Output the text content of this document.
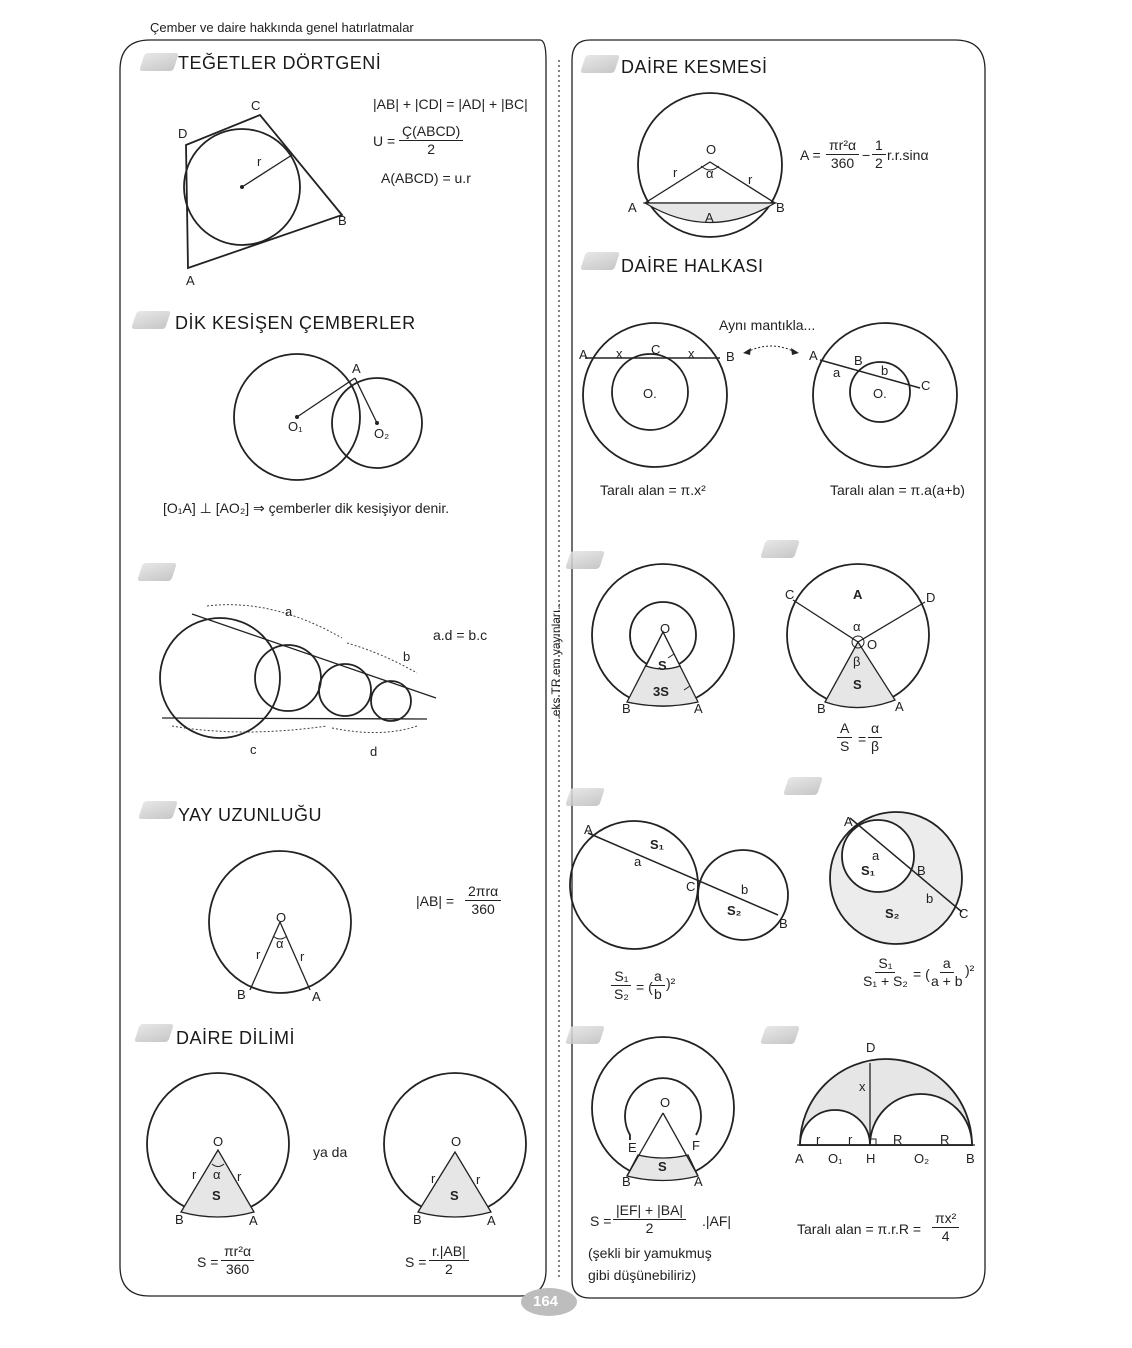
Çember ve daire hakkında genel hatırlatmalar
164
..eks TR em yayınları..
TEĞETLER DÖRTGENİ
C
D
r
B
A
|AB| + |CD| = |AD| + |BC|
U =
Ç(ABCD)
2
A(ABCD) = u.r
DİK KESİŞEN ÇEMBERLER
A
O₁	O₂
[O₁A] ⊥ [AO₂] ⇒ çemberler dik kesişiyor denir.
a
b
c	d
a.d = b.c
YAY UZUNLUĞU
O
α
r	r
B	A
|AB| =
2πrα
360
DAİRE DİLİMİ
O
α
r	r
S
B	A
ya da
O
r	r
S
B	A
$S = \frac{\text{πr²α}}{360}$	$S = \frac{r.|AB|}{2}$
DAİRE KESMESİ
O
α
r	r
A	B
A
$A = \frac{\text{πr²α}}{360} - \frac{1}{2} r.r.\sin\alpha$
DAİRE HALKASI
Aynı mantıkla...
A x C x B
O.
A	B
a	b
O.
C
Taralı alan = π.x²	Taralı alan = π.a(a+b)
O
S
3S
B	A
C	A	D
α
O
β
S
B	A
$\frac{A}{S} = \frac{\alpha}{\beta}$
A
S₁
a
C	b
S₂
B
A
a
S₁	B
b
S₂	C
$\frac{\text{S₁}}{\text{S₂}}$ = (
$\frac{a}{b} )^2$	$\frac{\text{S₁}}{\text{S₁ + S₂}}$ = (
$\frac{a}{a + b} )^2$
O
E	F
S
B	A
D
x
r r	R	R
A O₁ H	O₂	B
$S = \frac{|EF| + |BA|}{2} .|AF|$
(şekli bir yamukmuş
gibi düşünebiliriz)
Taralı alan = $\pi.r.R = \frac{\text{πx²}}{4}$
